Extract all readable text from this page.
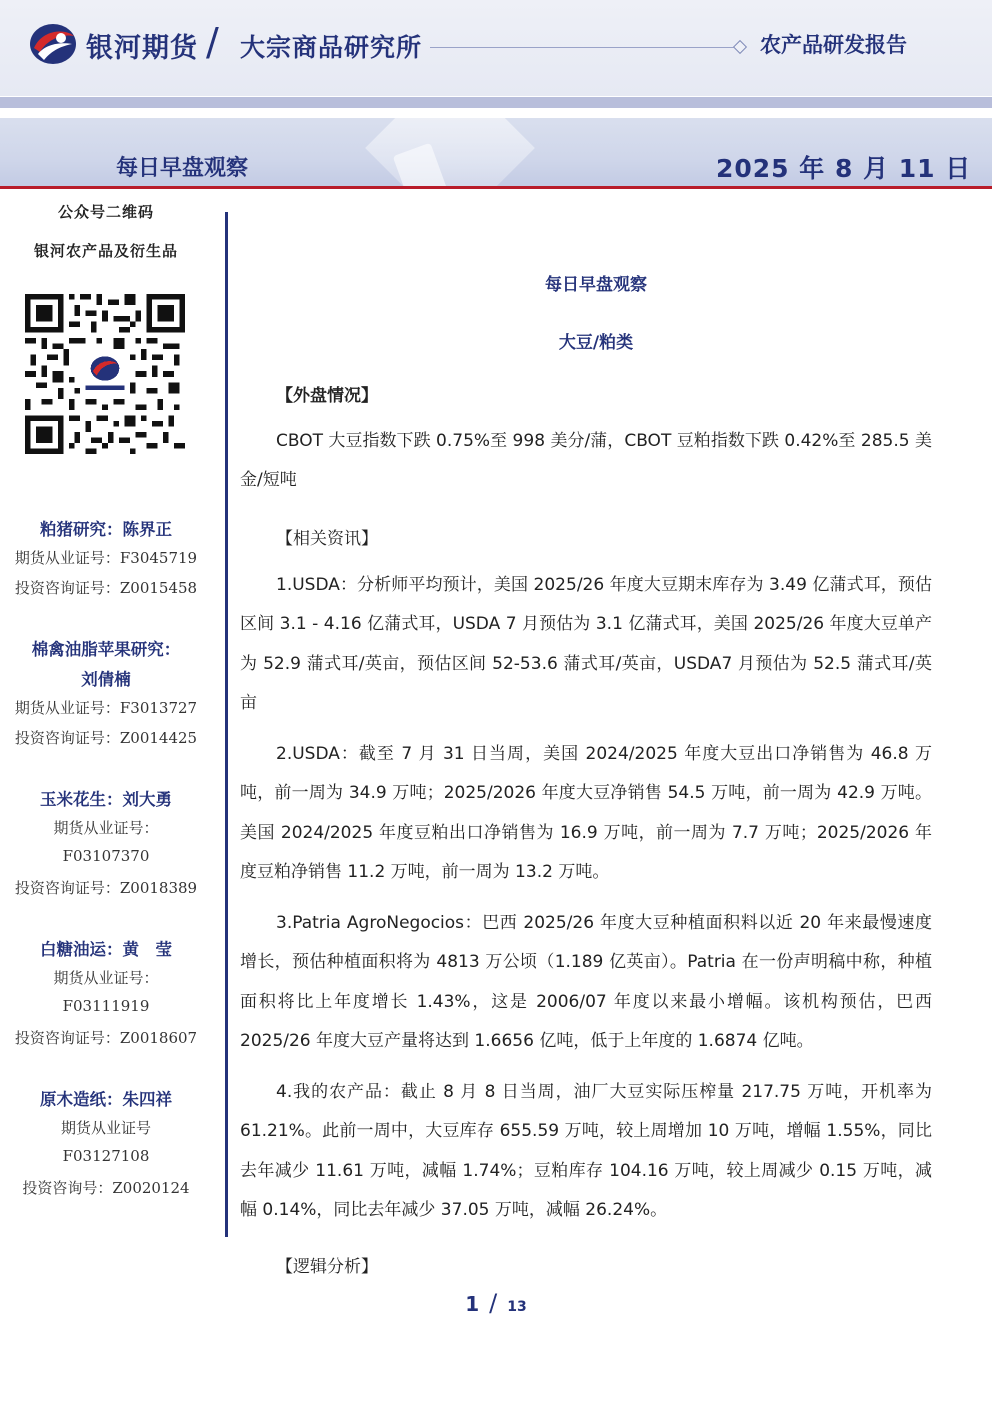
银河期货 / 大宗商品研究所	农产品研发报告
每日早盘观察	2025 年 8 月 11 日
公众号二维码
银河农产品及衍生品
粕猪研究：陈界正
期货从业证号：F3045719
投资咨询证号：Z0015458
棉禽油脂苹果研究：
刘倩楠
期货从业证号：F3013727
投资咨询证号：Z0014425
玉米花生：刘大勇
期货从业证号：
F03107370
投资咨询证号：Z0018389
白糖油运：黄　莹
期货从业证号：
F03111919
投资咨询证号：Z0018607
原木造纸：朱四祥
期货从业证号
F03127108
投资咨询号：Z0020124
每日早盘观察
大豆/粕类
【外盘情况】
CBOT 大豆指数下跌 0.75%至 998 美分/蒲，CBOT 豆粕指数下跌 0.42%至 285.5 美金/短吨
【相关资讯】
1.USDA：分析师平均预计，美国 2025/26 年度大豆期末库存为 3.49 亿蒲式耳，预估区间 3.1 - 4.16 亿蒲式耳，USDA 7 月预估为 3.1 亿蒲式耳，美国 2025/26 年度大豆单产为 52.9 蒲式耳/英亩，预估区间 52-53.6 蒲式耳/英亩，USDA7 月预估为 52.5 蒲式耳/英亩
2.USDA：截至 7 月 31 日当周，美国 2024/2025 年度大豆出口净销售为 46.8 万吨，前一周为 34.9 万吨；2025/2026 年度大豆净销售 54.5 万吨，前一周为 42.9 万吨。美国 2024/2025 年度豆粕出口净销售为 16.9 万吨，前一周为 7.7 万吨；2025/2026 年度豆粕净销售 11.2 万吨，前一周为 13.2 万吨。
3.Patria AgroNegocios：巴西 2025/26 年度大豆种植面积料以近 20 年来最慢速度增长，预估种植面积将为 4813 万公顷（1.189 亿英亩）。Patria 在一份声明稿中称，种植面积将比上年度增长 1.43%，这是 2006/07 年度以来最小增幅。该机构预估，巴西 2025/26 年度大豆产量将达到 1.6656 亿吨，低于上年度的 1.6874 亿吨。
4.我的农产品：截止 8 月 8 日当周，油厂大豆实际压榨量 217.75 万吨，开机率为 61.21%。此前一周中，大豆库存 655.59 万吨，较上周增加 10 万吨，增幅 1.55%，同比去年减少 11.61 万吨，减幅 1.74%；豆粕库存 104.16 万吨，较上周减少 0.15 万吨，减幅 0.14%，同比去年减少 37.05 万吨，减幅 26.24%。
【逻辑分析】
1 / 13
